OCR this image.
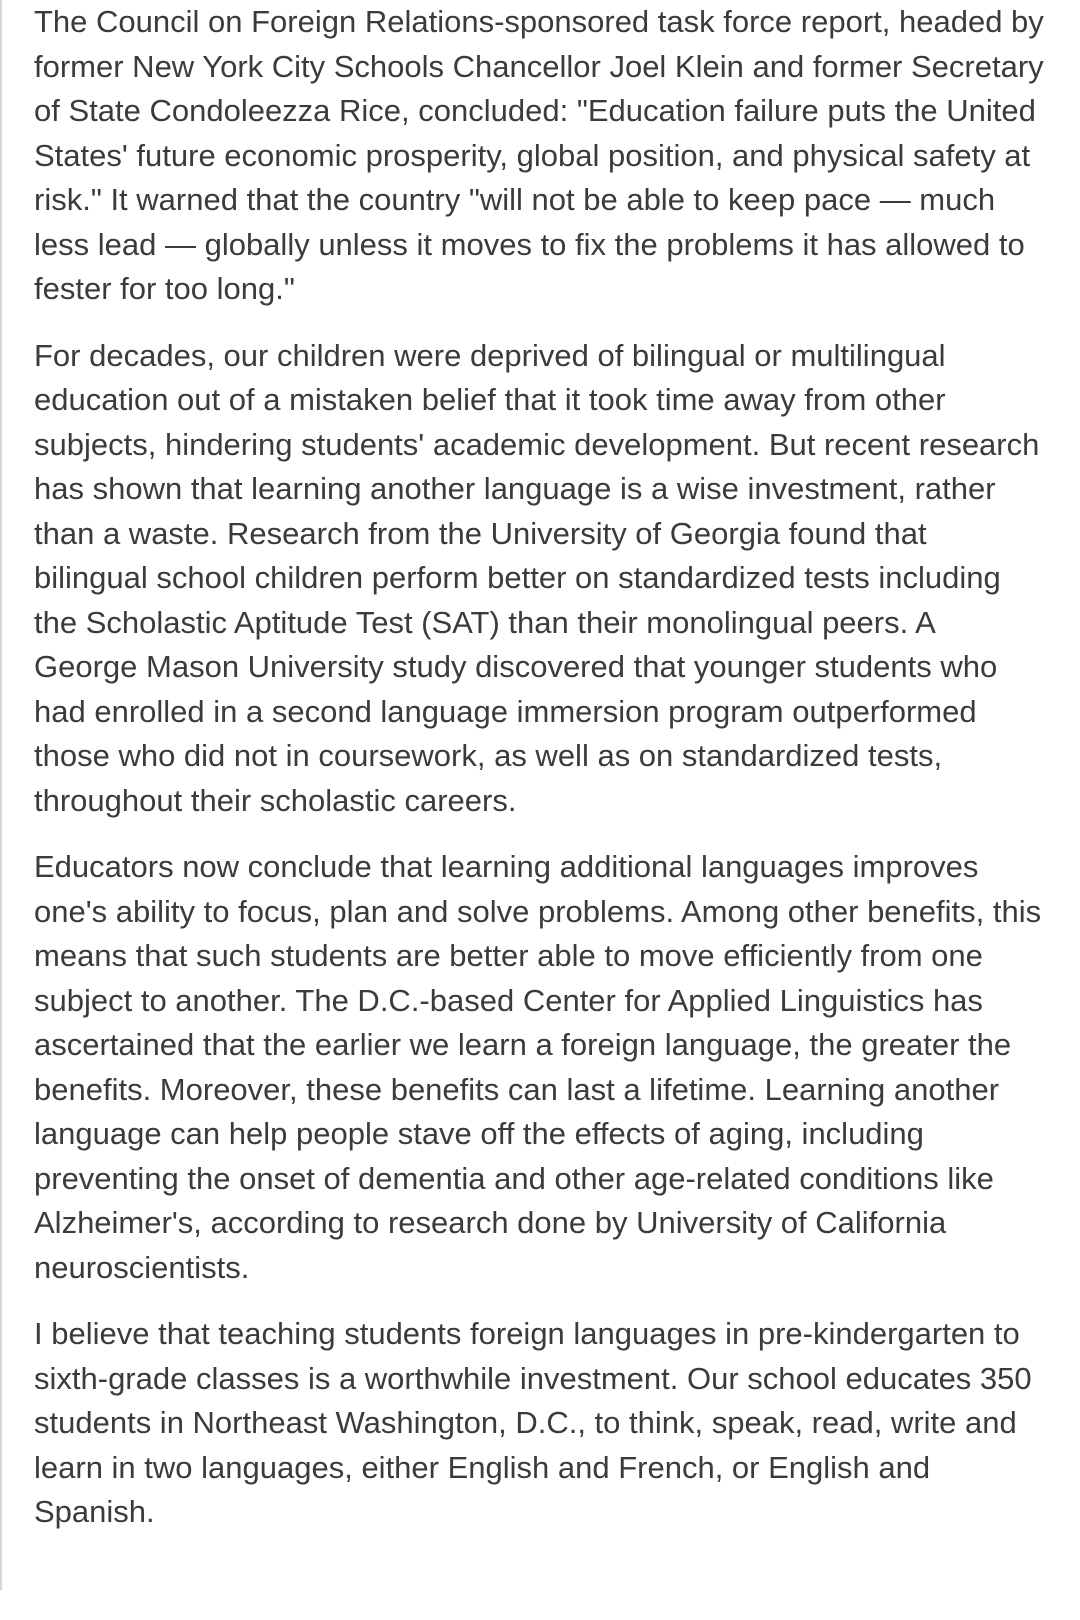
The Council on Foreign Relations-sponsored task force report, headed by former New York City Schools Chancellor Joel Klein and former Secretary of State Condoleezza Rice, concluded: "Education failure puts the United States' future economic prosperity, global position, and physical safety at risk." It warned that the country "will not be able to keep pace — much less lead — globally unless it moves to fix the problems it has allowed to fester for too long."

For decades, our children were deprived of bilingual or multilingual education out of a mistaken belief that it took time away from other subjects, hindering students' academic development. But recent research has shown that learning another language is a wise investment, rather than a waste. Research from the University of Georgia found that bilingual school children perform better on standardized tests including the Scholastic Aptitude Test (SAT) than their monolingual peers. A George Mason University study discovered that younger students who had enrolled in a second language immersion program outperformed those who did not in coursework, as well as on standardized tests, throughout their scholastic careers.

Educators now conclude that learning additional languages improves one's ability to focus, plan and solve problems. Among other benefits, this means that such students are better able to move efficiently from one subject to another. The D.C.-based Center for Applied Linguistics has ascertained that the earlier we learn a foreign language, the greater the benefits. Moreover, these benefits can last a lifetime. Learning another language can help people stave off the effects of aging, including preventing the onset of dementia and other age-related conditions like Alzheimer's, according to research done by University of California neuroscientists.

I believe that teaching students foreign languages in pre-kindergarten to sixth-grade classes is a worthwhile investment. Our school educates 350 students in Northeast Washington, D.C., to think, speak, read, write and learn in two languages, either English and French, or English and Spanish.
